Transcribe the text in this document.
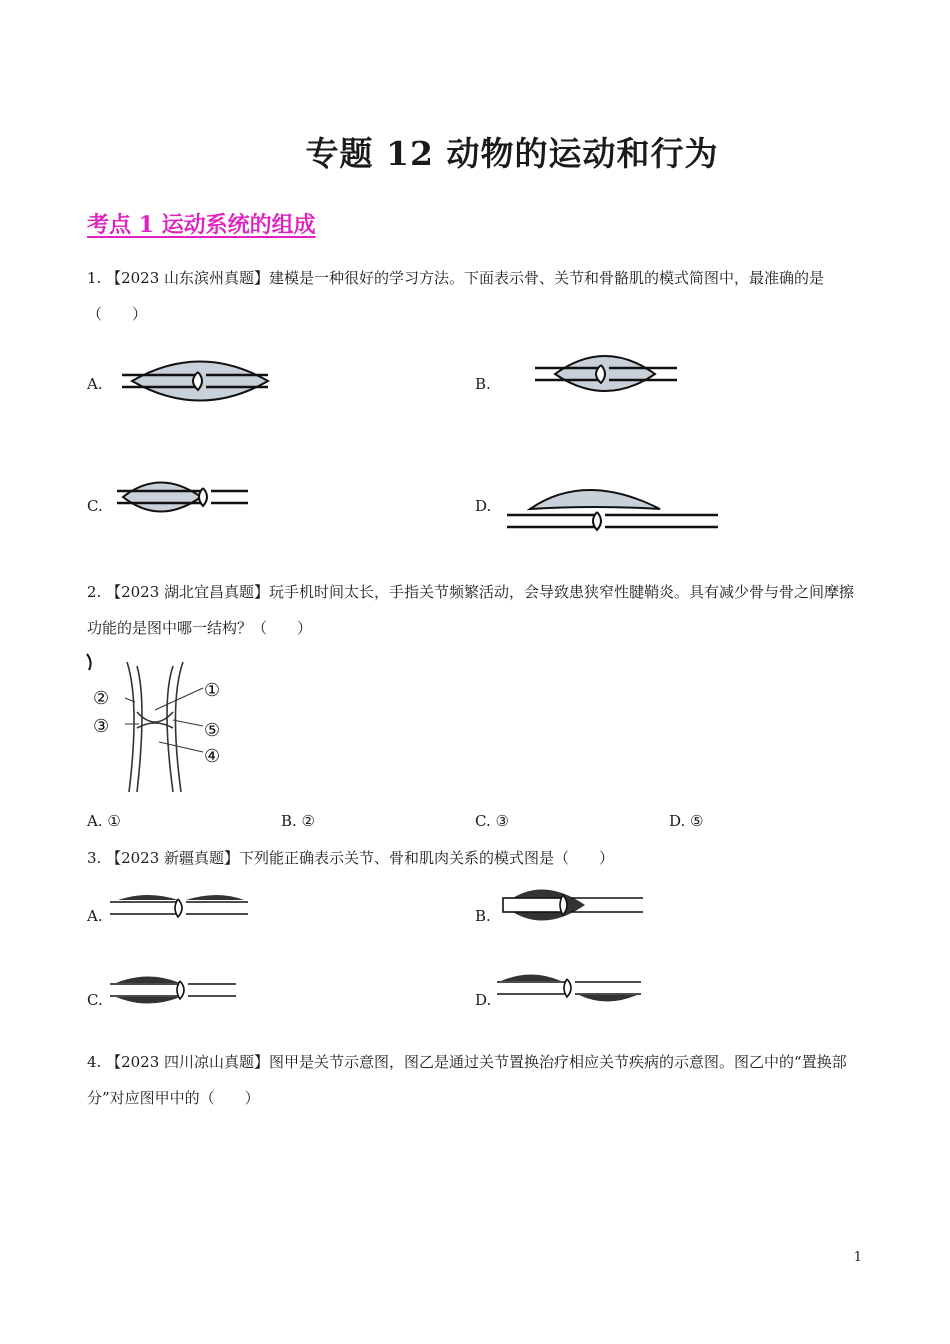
专题 12 动物的运动和行为
考点 1 运动系统的组成
1. 【2023 山东滨州真题】建模是一种很好的学习方法。下面表示骨、关节和骨骼肌的模式简图中，最准确的是（　　）
A.	B.
C.	D.
2. 【2023 湖北宜昌真题】玩手机时间太长，手指关节频繁活动，会导致患狭窄性腱鞘炎。具有减少骨与骨之间摩擦功能的是图中哪一结构？（　　）
①
②
③	⑤
④
A. ①	B. ②	C. ③	D. ⑤
3. 【2023 新疆真题】下列能正确表示关节、骨和肌肉关系的模式图是（　　）
A.	B.
C.	D.
4. 【2023 四川凉山真题】图甲是关节示意图，图乙是通过关节置换治疗相应关节疾病的示意图。图乙中的“置换部分”对应图甲中的（　　）
1
